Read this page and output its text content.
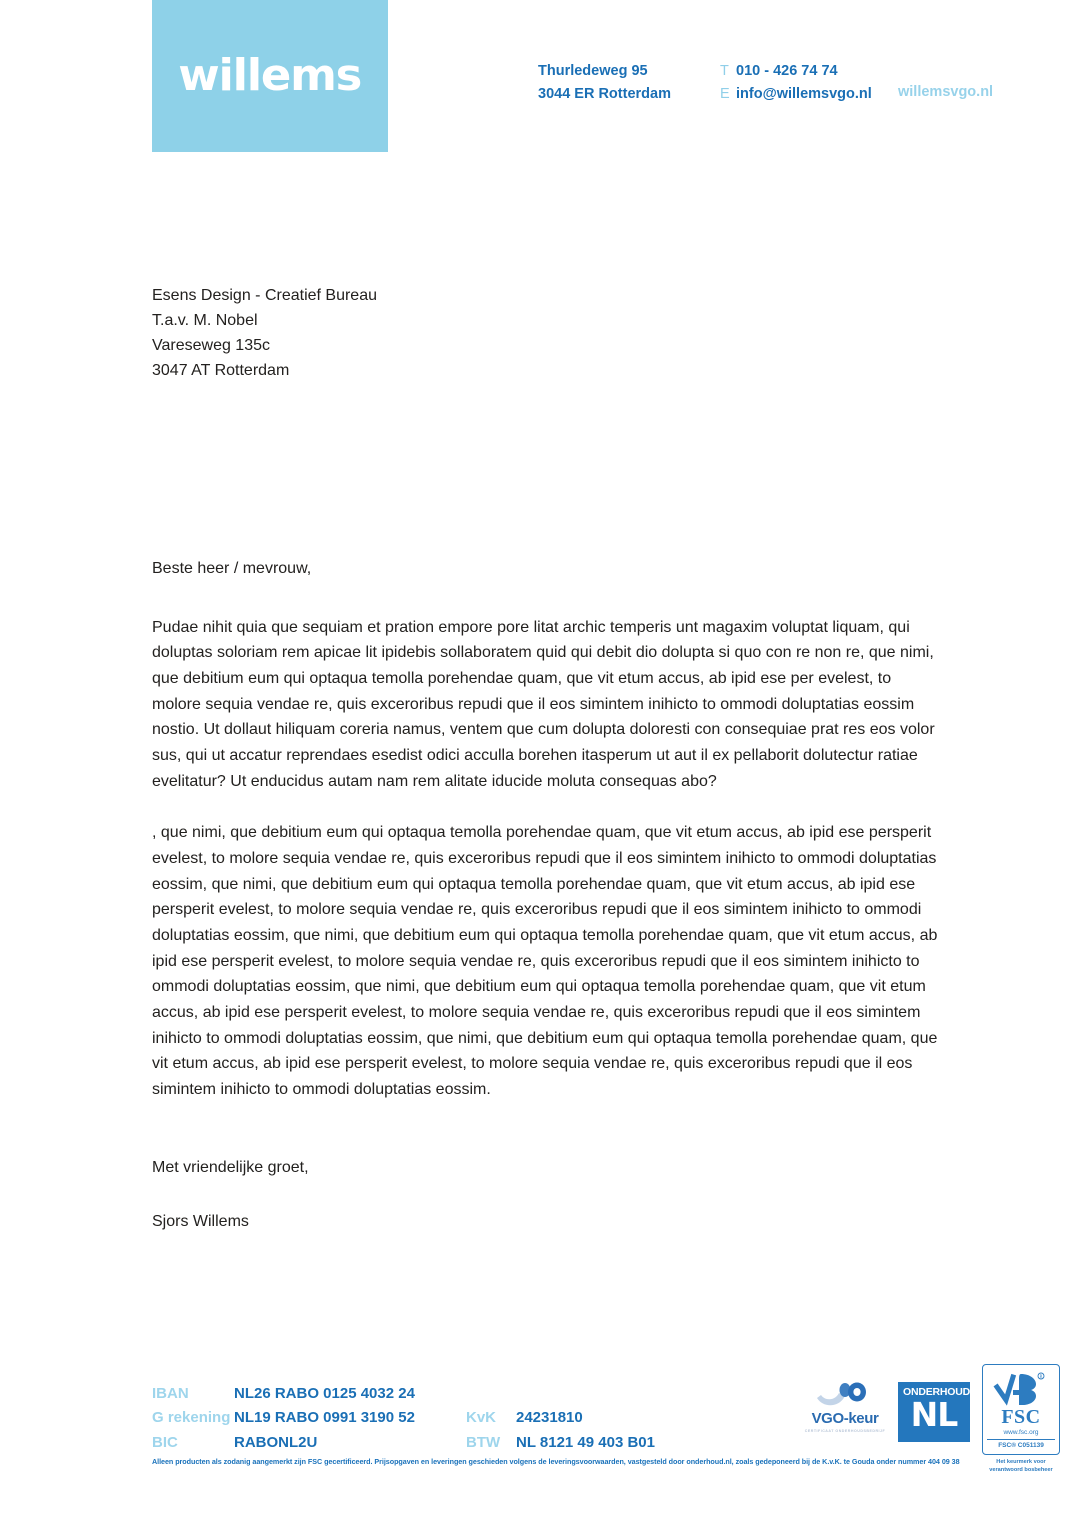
willems	Thurledeweg 95
3044 ER Rotterdam
T 010 - 426 74 74
E info@willemsvgo.nl	willemsvgo.nl
Esens Design - Creatief Bureau
T.a.v. M. Nobel
Vareseweg 135c
3047 AT Rotterdam
Beste heer / mevrouw,

Pudae nihit quia que sequiam et pration empore pore litat archic temperis unt magaxim voluptat liquam, qui doluptas soloriam rem apicae lit ipidebis sollaboratem quid qui debit dio dolupta si quo con re non re, que nimi, que debitium eum qui optaqua temolla porehendae quam, que vit etum accus, ab ipid ese per evelest, to molore sequia vendae re, quis exceroribus repudi que il eos simintem inihicto to ommodi doluptatias eossim nostio. Ut dollaut hiliquam coreria namus, ventem que cum dolupta doloresti con consequiae prat res eos volor sus, qui ut accatur reprendaes esedist odici acculla borehen itasperum ut aut il ex pellaborit dolutectur ratiae evelitatur? Ut enducidus autam nam rem alitate iducide moluta consequas abo?

, que nimi, que debitium eum qui optaqua temolla porehendae quam, que vit etum accus, ab ipid ese persperit evelest, to molore sequia vendae re, quis exceroribus repudi que il eos simintem inihicto to ommodi doluptatias eossim, que nimi, que debitium eum qui optaqua temolla porehendae quam, que vit etum accus, ab ipid ese persperit evelest, to molore sequia vendae re, quis exceroribus repudi que il eos simintem inihicto to ommodi doluptatias eossim, que nimi, que debitium eum qui optaqua temolla porehendae quam, que vit etum accus, ab ipid ese persperit evelest, to molore sequia vendae re, quis exceroribus repudi que il eos simintem inihicto to ommodi doluptatias eossim, que nimi, que debitium eum qui optaqua temolla porehendae quam, que vit etum accus, ab ipid ese persperit evelest, to molore sequia vendae re, quis exceroribus repudi que il eos simintem inihicto to ommodi doluptatias eossim, que nimi, que debitium eum qui optaqua temolla porehendae quam, que vit etum accus, ab ipid ese persperit evelest, to molore sequia vendae re, quis exceroribus repudi que il eos simintem inihicto to ommodi doluptatias eossim.

Met vriendelijke groet,
Sjors Willems
IBAN
G rekening
BIC
NL26 RABO 0125 4032 24
NL19 RABO 0991 3190 52
RABONL2U
KvK
BTW
24231810
NL 8121 49 403 B01
VGO-keur
CERTIFICAAT ONDERHOUDSBEDRIJF
ONDERHOUD
NL
R
FSC
www.fsc.org
FSC® C051139
Het keurmerk voor verantwoord bosbeheer
Alleen producten als zodanig aangemerkt zijn FSC gecertificeerd. Prijsopgaven en leveringen geschieden volgens de leveringsvoorwaarden, vastgesteld door onderhoud.nl, zoals gedeponeerd bij de K.v.K. te Gouda onder nummer 404 09 38
